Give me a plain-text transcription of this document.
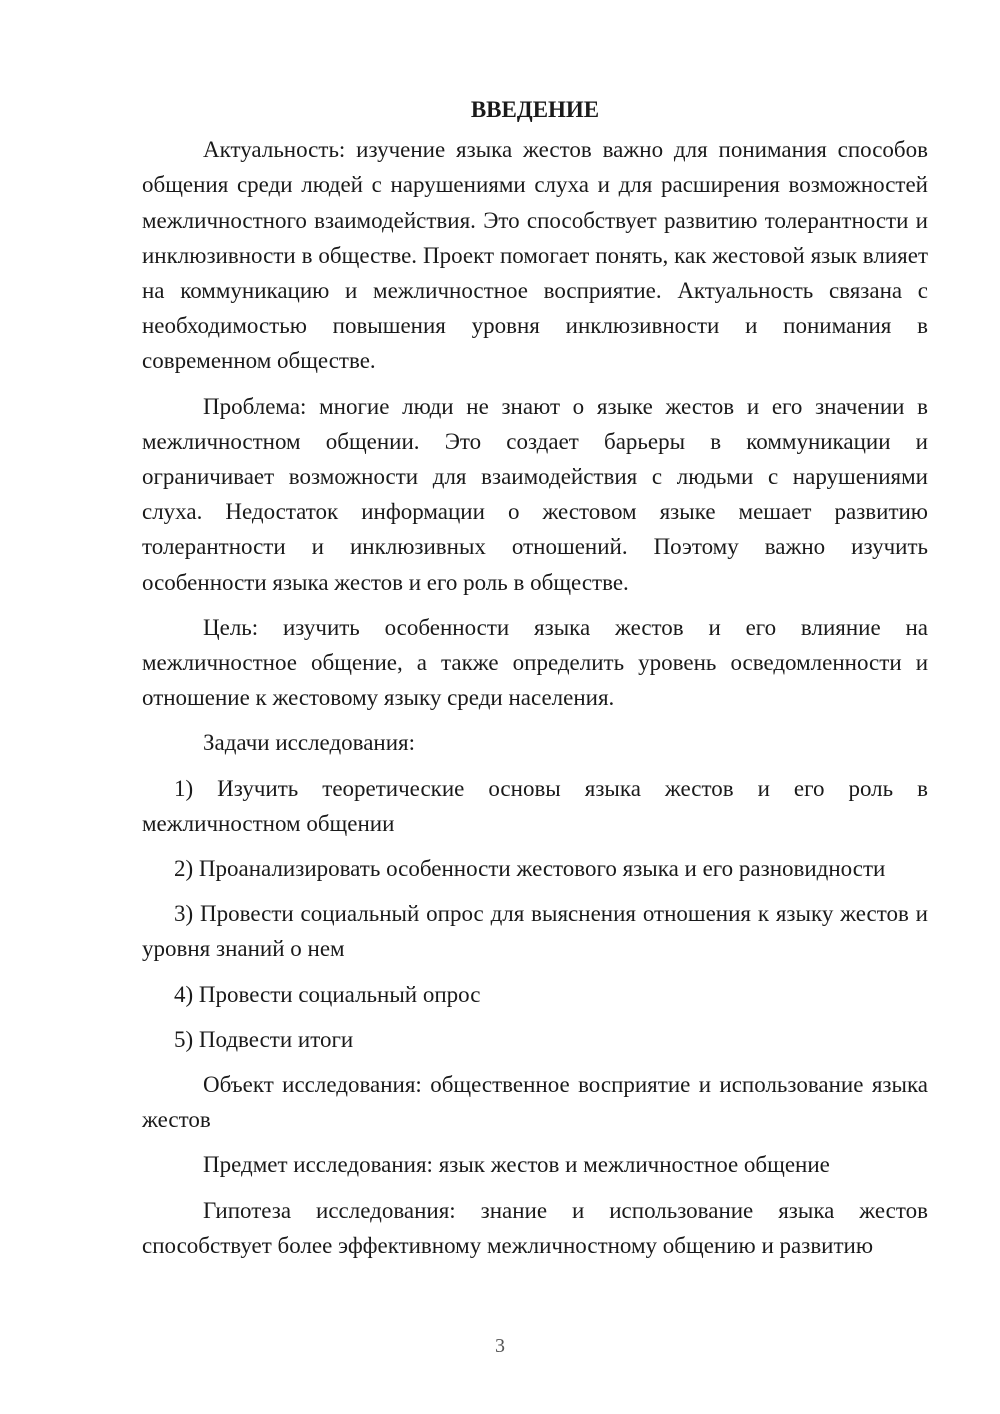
ВВЕДЕНИЕ

Актуальность: изучение языка жестов важно для понимания способов общения среди людей с нарушениями слуха и для расширения возможностей межличностного взаимодействия. Это способствует развитию толерантности и инклюзивности в обществе. Проект помогает понять, как жестовой язык влияет на коммуникацию и межличностное восприятие. Актуальность связана с необходимостью повышения уровня инклюзивности и понимания в современном обществе.

Проблема: многие люди не знают о языке жестов и его значении в межличностном общении. Это создает барьеры в коммуникации и ограничивает возможности для взаимодействия с людьми с нарушениями слуха. Недостаток информации о жестовом языке мешает развитию толерантности и инклюзивных отношений. Поэтому важно изучить особенности языка жестов и его роль в обществе.

Цель: изучить особенности языка жестов и его влияние на межличностное общение, а также определить уровень осведомленности и отношение к жестовому языку среди населения.

Задачи исследования:

1) Изучить теоретические основы языка жестов и его роль в межличностном общении

2) Проанализировать особенности жестового языка и его разновидности

3) Провести социальный опрос для выяснения отношения к языку жестов и уровня знаний о нем

4) Провести социальный опрос

5) Подвести итоги

Объект исследования: общественное восприятие и использование языка жестов

Предмет исследования: язык жестов и межличностное общение

Гипотеза исследования: знание и использование языка жестов способствует более эффективному межличностному общению и развитию

3
